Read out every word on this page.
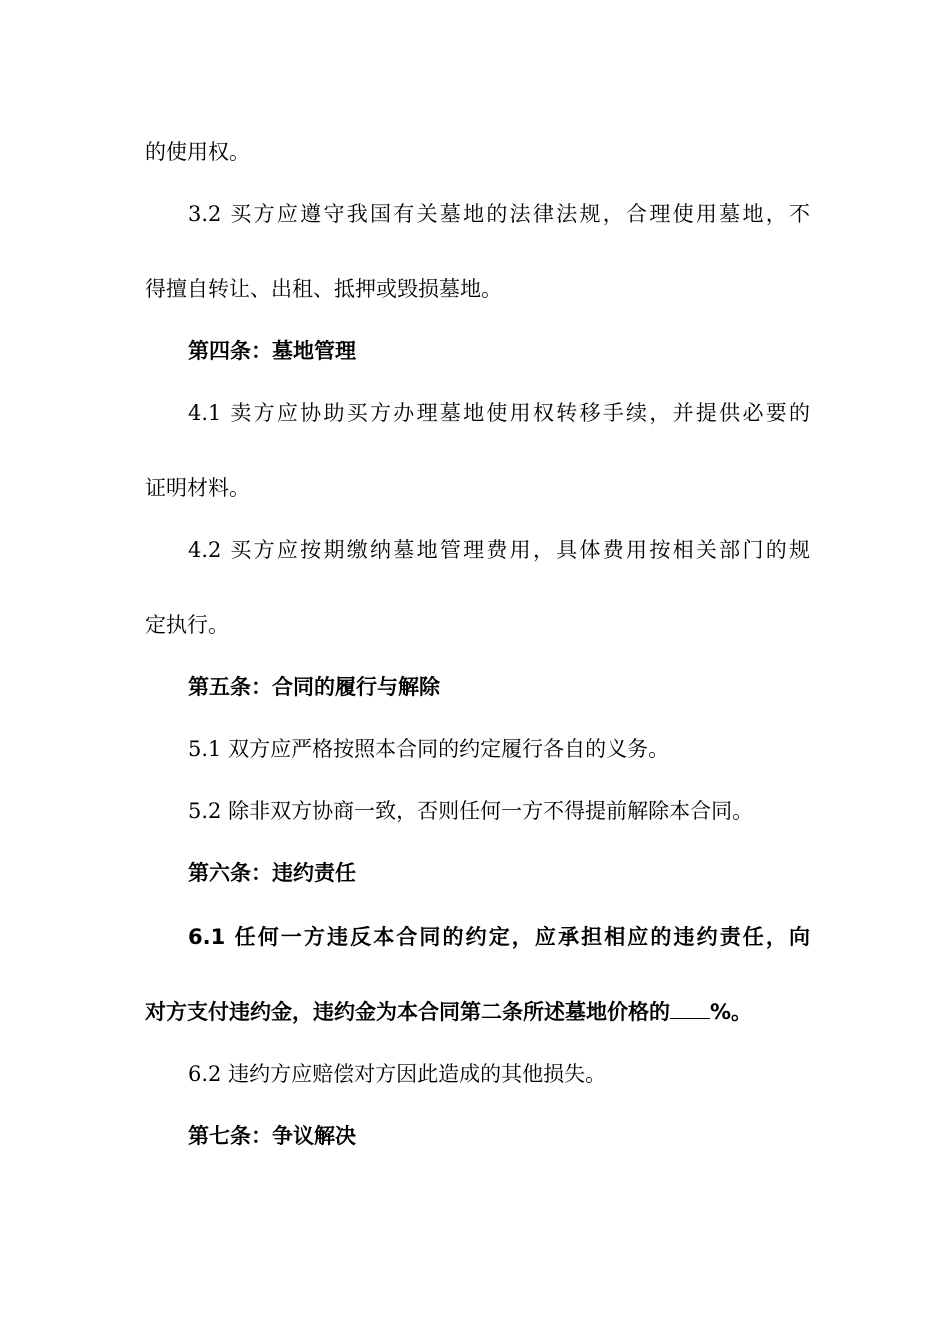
的使用权。
3.2 买方应遵守我国有关墓地的法律法规，合理使用墓地，不
得擅自转让、出租、抵押或毁损墓地。
第四条：墓地管理
4.1 卖方应协助买方办理墓地使用权转移手续，并提供必要的
证明材料。
4.2 买方应按期缴纳墓地管理费用，具体费用按相关部门的规
定执行。
第五条：合同的履行与解除
5.1 双方应严格按照本合同的约定履行各自的义务。
5.2 除非双方协商一致，否则任何一方不得提前解除本合同。
第六条：违约责任
6.1 任何一方违反本合同的约定，应承担相应的违约责任，向
对方支付违约金，违约金为本合同第二条所述墓地价格的 %。
6.2 违约方应赔偿对方因此造成的其他损失。
第七条：争议解决
